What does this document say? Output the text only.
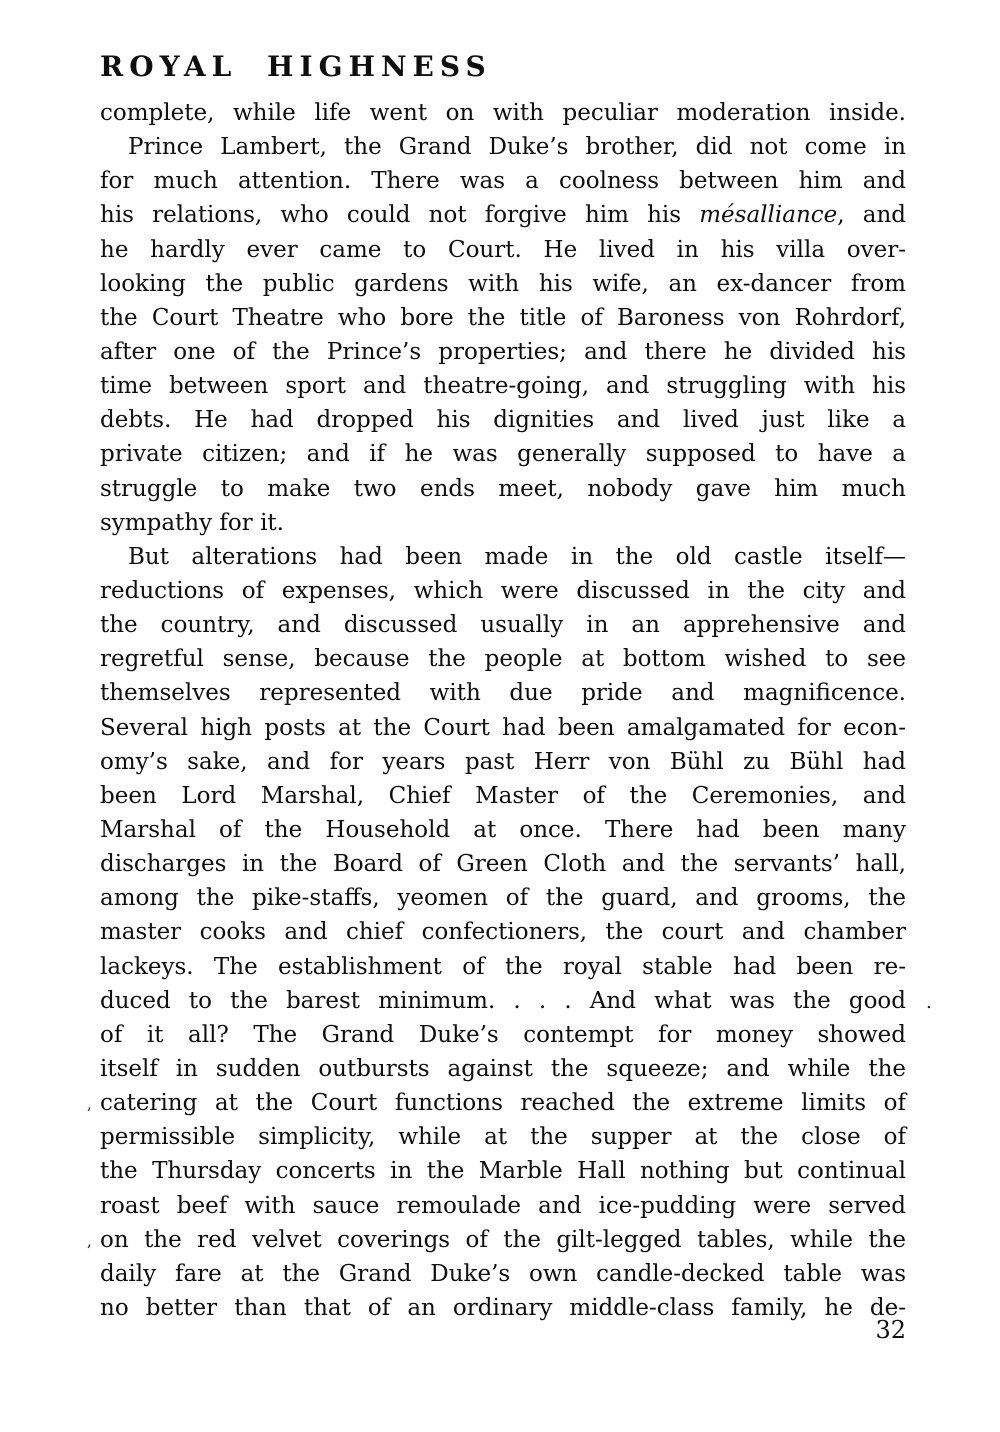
ROYAL HIGHNESS
complete, while life went on with peculiar moderation inside.
Prince Lambert, the Grand Duke’s brother, did not come in
for much attention. There was a coolness between him and
his relations, who could not forgive him his mésalliance, and
he hardly ever came to Court. He lived in his villa over-
looking the public gardens with his wife, an ex-dancer from
the Court Theatre who bore the title of Baroness von Rohrdorf,
after one of the Prince’s properties; and there he divided his
time between sport and theatre-going, and struggling with his
debts. He had dropped his dignities and lived just like a
private citizen; and if he was generally supposed to have a
struggle to make two ends meet, nobody gave him much
sympathy for it.
But alterations had been made in the old castle itself—
reductions of expenses, which were discussed in the city and
the country, and discussed usually in an apprehensive and
regretful sense, because the people at bottom wished to see
themselves represented with due pride and magnificence.
Several high posts at the Court had been amalgamated for econ-
omy’s sake, and for years past Herr von Bühl zu Bühl had
been Lord Marshal, Chief Master of the Ceremonies, and
Marshal of the Household at once. There had been many
discharges in the Board of Green Cloth and the servants’ hall,
among the pike-staffs, yeomen of the guard, and grooms, the
master cooks and chief confectioners, the court and chamber
lackeys. The establishment of the royal stable had been re-
duced to the barest minimum. . . . And what was the good
of it all? The Grand Duke’s contempt for money showed
itself in sudden outbursts against the squeeze; and while the
, catering at the Court functions reached the extreme limits of
permissible simplicity, while at the supper at the close of
the Thursday concerts in the Marble Hall nothing but continual
roast beef with sauce remoulade and ice-pudding were served
, on the red velvet coverings of the gilt-legged tables, while the
daily fare at the Grand Duke’s own candle-decked table was
no better than that of an ordinary middle-class family, he de-
.
32
